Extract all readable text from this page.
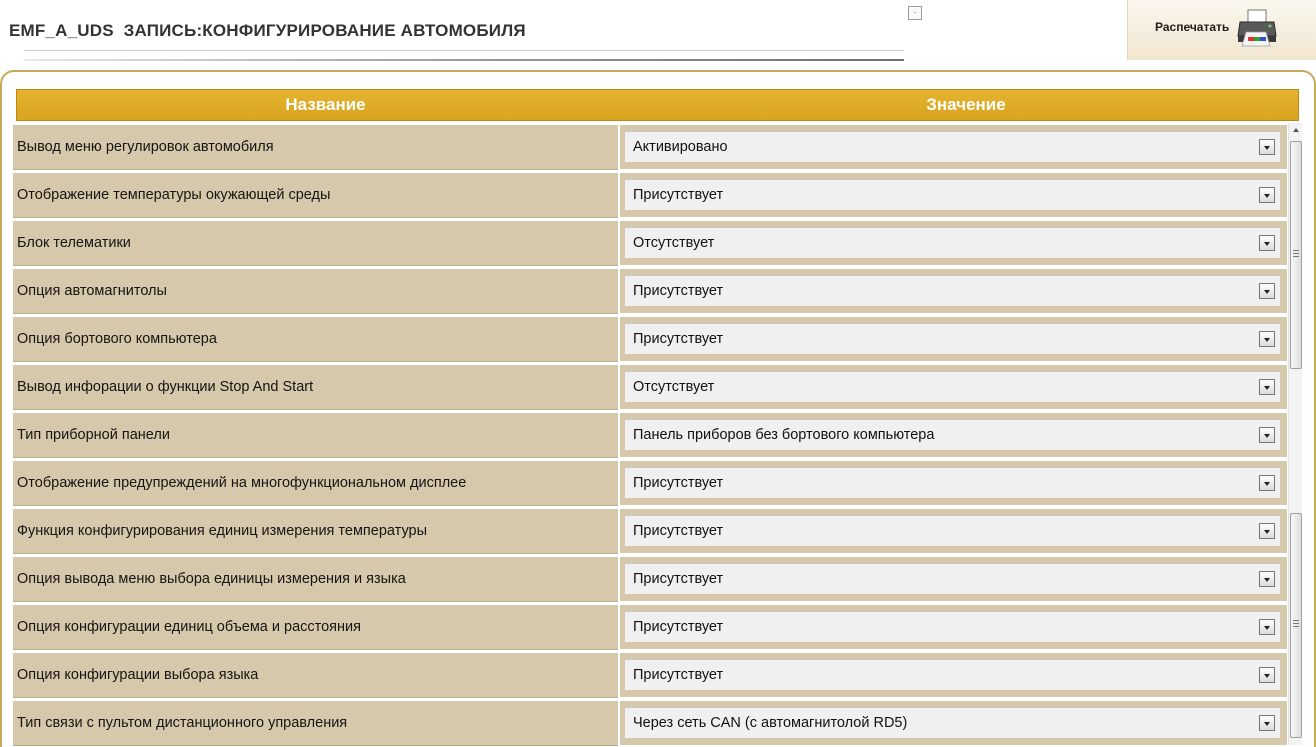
EMF_A_UDS  ЗАПИСЬ:КОНФИГУРИРОВАНИЕ АВТОМОБИЛЯ
·
Распечатать
Название	Значение
Вывод меню регулировок автомобиля	Активировано
Отображение температуры окужающей среды	Присутствует
Блок телематики	Отсутствует
Опция автомагнитолы	Присутствует
Опция бортового компьютера	Присутствует
Вывод инфорации о функции Stop And Start	Отсутствует
Тип приборной панели	Панель приборов без бортового компьютера
Отображение предупреждений на многофункциональном дисплее	Присутствует
Функция конфигурирования единиц измерения температуры	Присутствует
Опция вывода меню выбора единицы измерения и языка	Присутствует
Опция конфигурации единиц объема и расстояния	Присутствует
Опция конфигурации выбора языка	Присутствует
Тип связи с пультом дистанционного управления	Через сеть CAN (с автомагнитолой RD5)
